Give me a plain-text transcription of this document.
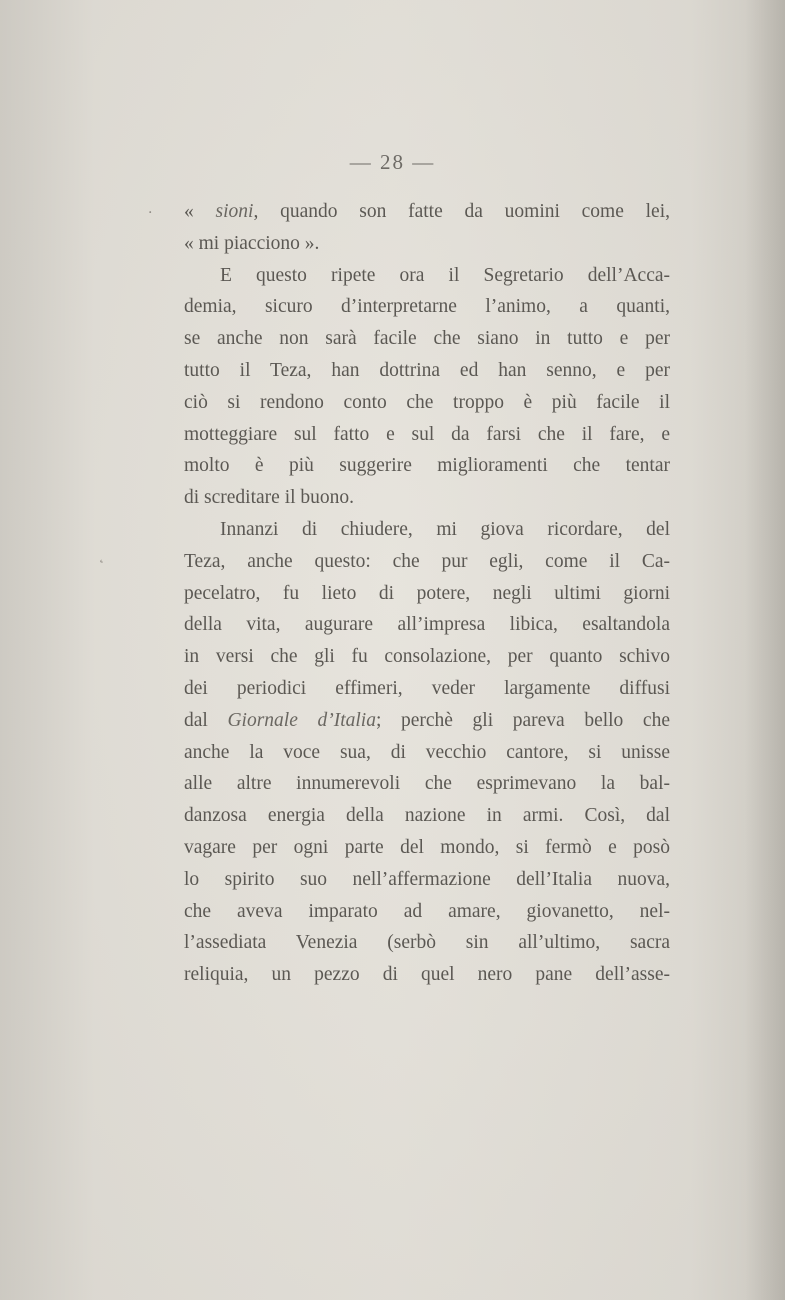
— 28 —
·
˛
« sioni, quando son fatte da uomini come lei,
« mi piacciono ».
E questo ripete ora il Segretario dell’Acca-
demia, sicuro d’interpretarne l’animo, a quanti,
se anche non sarà facile che siano in tutto e per
tutto il Teza, han dottrina ed han senno, e per
ciò si rendono conto che troppo è più facile il
motteggiare sul fatto e sul da farsi che il fare, e
molto è più suggerire miglioramenti che tentar
di screditare il buono.
Innanzi di chiudere, mi giova ricordare, del
Teza, anche questo: che pur egli, come il Ca-
pecelatro, fu lieto di potere, negli ultimi giorni
della vita, augurare all’impresa libica, esaltandola
in versi che gli fu consolazione, per quanto schivo
dei periodici effimeri, veder largamente diffusi
dal Giornale d’Italia; perchè gli pareva bello che
anche la voce sua, di vecchio cantore, si unisse
alle altre innumerevoli che esprimevano la bal-
danzosa energia della nazione in armi. Così, dal
vagare per ogni parte del mondo, si fermò e posò
lo spirito suo nell’affermazione dell’Italia nuova,
che aveva imparato ad amare, giovanetto, nel-
l’assediata Venezia (serbò sin all’ultimo, sacra
reliquia, un pezzo di quel nero pane dell’asse-
